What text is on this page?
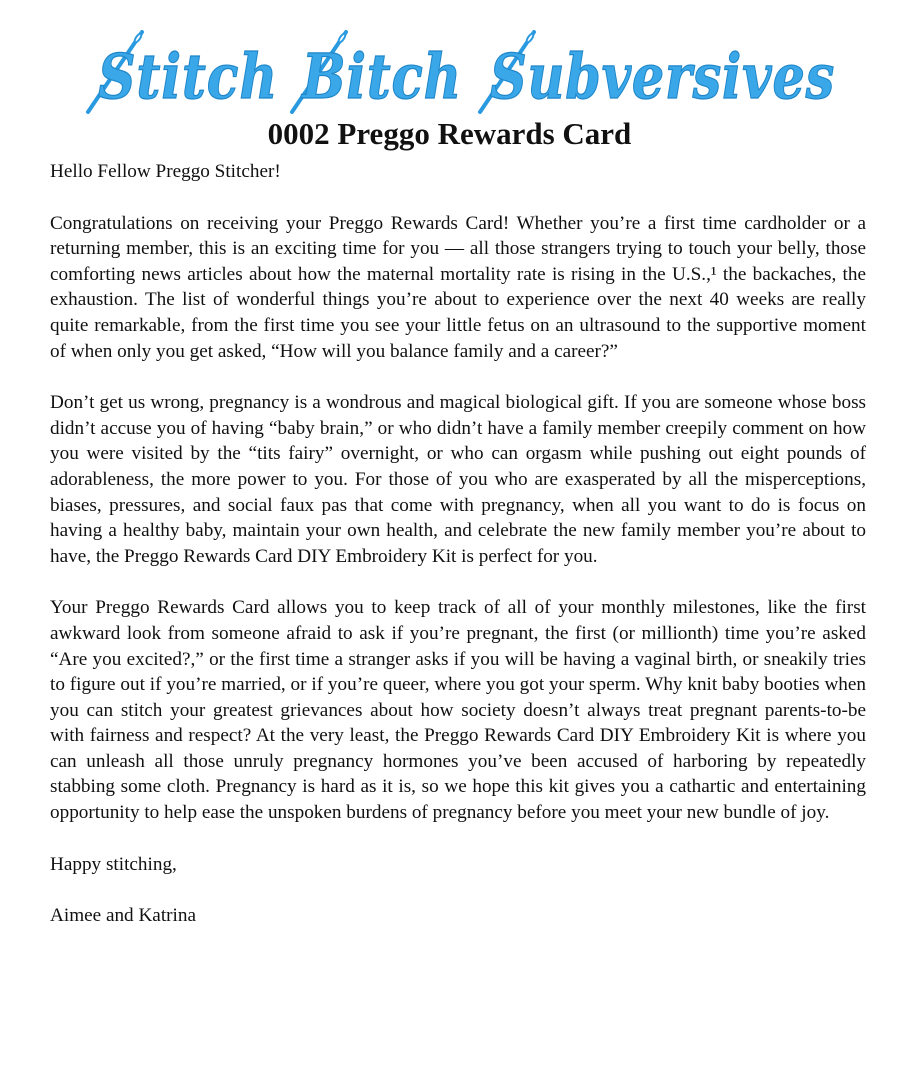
Stitch Bitch Subversives
0002 Preggo Rewards Card

Hello Fellow Preggo Stitcher!

Congratulations on receiving your Preggo Rewards Card! Whether you’re a first time cardholder or a returning member, this is an exciting time for you — all those strangers trying to touch your belly, those comforting news articles about how the maternal mortality rate is rising in the U.S.,¹ the backaches, the exhaustion. The list of wonderful things you’re about to experience over the next 40 weeks are really quite remarkable, from the first time you see your little fetus on an ultrasound to the supportive moment of when only you get asked, “How will you balance family and a career?”

Don’t get us wrong, pregnancy is a wondrous and magical biological gift. If you are someone whose boss didn’t accuse you of having “baby brain,” or who didn’t have a family member creepily comment on how you were visited by the “tits fairy” overnight, or who can orgasm while pushing out eight pounds of adorableness, the more power to you. For those of you who are exasperated by all the misperceptions, biases, pressures, and social faux pas that come with pregnancy, when all you want to do is focus on having a healthy baby, maintain your own health, and celebrate the new family member you’re about to have, the Preggo Rewards Card DIY Embroidery Kit is perfect for you.

Your Preggo Rewards Card allows you to keep track of all of your monthly milestones, like the first awkward look from someone afraid to ask if you’re pregnant, the first (or millionth) time you’re asked “Are you excited?,” or the first time a stranger asks if you will be having a vaginal birth, or sneakily tries to figure out if you’re married, or if you’re queer, where you got your sperm. Why knit baby booties when you can stitch your greatest grievances about how society doesn’t always treat pregnant parents-to-be with fairness and respect? At the very least, the Preggo Rewards Card DIY Embroidery Kit is where you can unleash all those unruly pregnancy hormones you’ve been accused of harboring by repeatedly stabbing some cloth. Pregnancy is hard as it is, so we hope this kit gives you a cathartic and entertaining opportunity to help ease the unspoken burdens of pregnancy before you meet your new bundle of joy.

Happy stitching,

Aimee and Katrina
